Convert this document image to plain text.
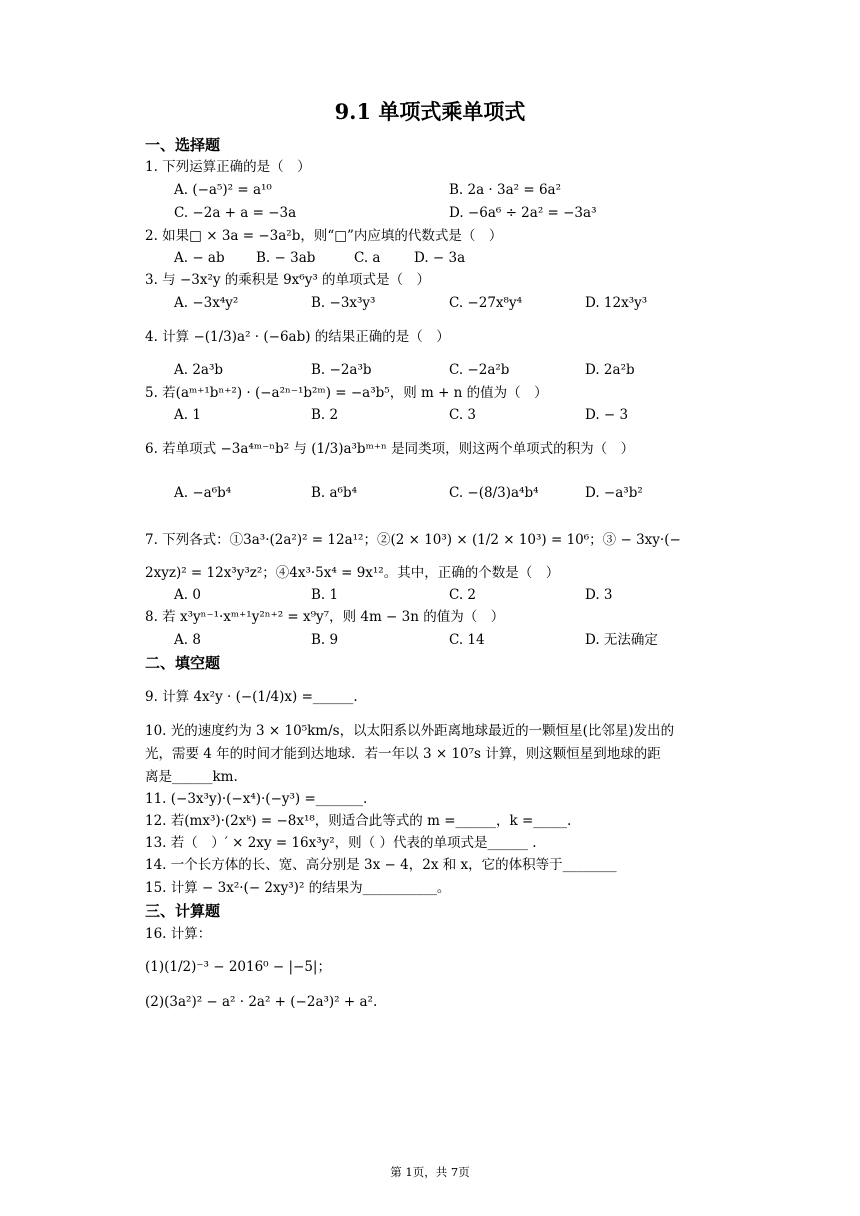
9.1 单项式乘单项式
一、选择题
1. 下列运算正确的是（　）
A. (−a⁵)² = a¹⁰	B. 2a · 3a² = 6a²
C. −2a + a = −3a	D. −6a⁶ ÷ 2a² = −3a³
2. 如果□ × 3a = −3a²b，则“□”内应填的代数式是（　）
A. − ab B. − 3ab	C. a D. − 3a
3. 与 −3x²y 的乘积是 9x⁶y³ 的单项式是（　）
A. −3x⁴y²	B. −3x³y³	C. −27x⁸y⁴	D. 12x³y³
4. 计算 −(1/3)a² · (−6ab) 的结果正确的是（　）
A. 2a³b	B. −2a³b	C. −2a²b	D. 2a²b
5. 若(aᵐ⁺¹bⁿ⁺²) · (−a²ⁿ⁻¹b²ᵐ) = −a³b⁵，则 m + n 的值为（　）
A. 1	B. 2	C. 3	D. − 3
6. 若单项式 −3a⁴ᵐ⁻ⁿb² 与 (1/3)a³bᵐ⁺ⁿ 是同类项，则这两个单项式的积为（　）
A. −a⁶b⁴	B. a⁶b⁴	C. −(8/3)a⁴b⁴	D. −a³b²
7. 下列各式：①3a³·(2a²)² = 12a¹²；②(2 × 10³) × (1/2 × 10³) = 10⁶；③ − 3xy·(−
2xyz)² = 12x³y³z²；④4x³·5x⁴ = 9x¹²。其中，正确的个数是（　）
A. 0	B. 1	C. 2	D. 3
8. 若 x³yⁿ⁻¹·xᵐ⁺¹y²ⁿ⁺² = x⁹y⁷，则 4m − 3n 的值为（　）
A. 8	B. 9	C. 14	D. 无法确定
二、填空题
9. 计算 4x²y · (−(1/4)x) =______.
10. 光的速度约为 3 × 10⁵km/s，以太阳系以外距离地球最近的一颗恒星(比邻星)发出的
光，需要 4 年的时间才能到达地球．若一年以 3 × 10⁷s 计算，则这颗恒星到地球的距
离是______km.
11. (−3x³y)·(−x⁴)·(−y³) =_______.
12. 若(mx³)·(2xᵏ) = −8x¹⁸，则适合此等式的 m =______，k =_____.
13. 若（　）′ × 2xy = 16x³y²，则（ ）代表的单项式是______ .
14. 一个长方体的长、宽、高分别是 3x − 4，2x 和 x，它的体积等于________
15. 计算 − 3x²·(− 2xy³)² 的结果为___________。
三、计算题
16. 计算：
(1)(1/2)⁻³ − 2016⁰ − |−5|；
(2)(3a²)² − a² · 2a² + (−2a³)² + a².
第 1页，共 7页
